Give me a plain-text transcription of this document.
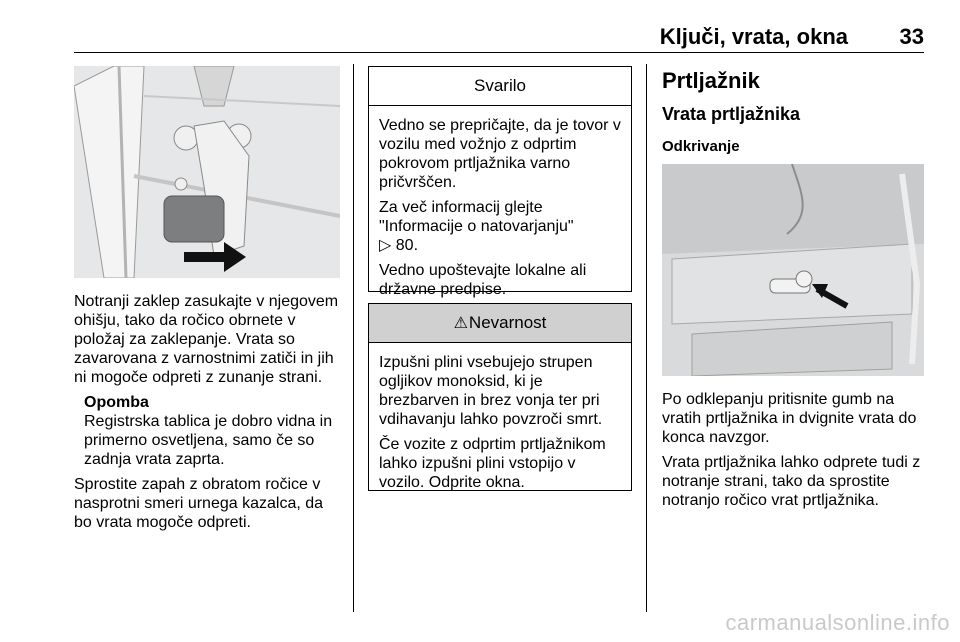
Ključi, vrata, okna 33

Notranji zaklep zasukajte v njegovem ohišju, tako da ročico obrnete v položaj za zaklepanje. Vrata so zavarovana z varnostnimi zatiči in jih ni mogoče odpreti z zunanje strani.

Opomba

Registrska tablica je dobro vidna in primerno osvetljena, samo če so zadnja vrata zaprta.

Sprostite zapah z obratom ročice v nasprotni smeri urnega kazalca, da bo vrata mogoče odpreti.

Svarilo

Vedno se prepričajte, da je tovor v vozilu med vožnjo z odprtim pokrovom prtljažnika varno pričvrščen.

Za več informacij glejte "Informacije o natovarjanju"
▷ 80.

Vedno upoštevajte lokalne ali državne predpise.

⚠ Nevarnost

Izpušni plini vsebujejo strupen ogljikov monoksid, ki je brezbarven in brez vonja ter pri vdihavanju lahko povzroči smrt.

Če vozite z odprtim prtljažnikom lahko izpušni plini vstopijo v vozilo. Odprite okna.

Prtljažnik
Vrata prtljažnika
Odkrivanje

Po odklepanju pritisnite gumb na vratih prtljažnika in dvignite vrata do konca navzgor.

Vrata prtljažnika lahko odprete tudi z notranje strani, tako da sprostite notranjo ročico vrat prtljažnika.

carmanualsonline.info
